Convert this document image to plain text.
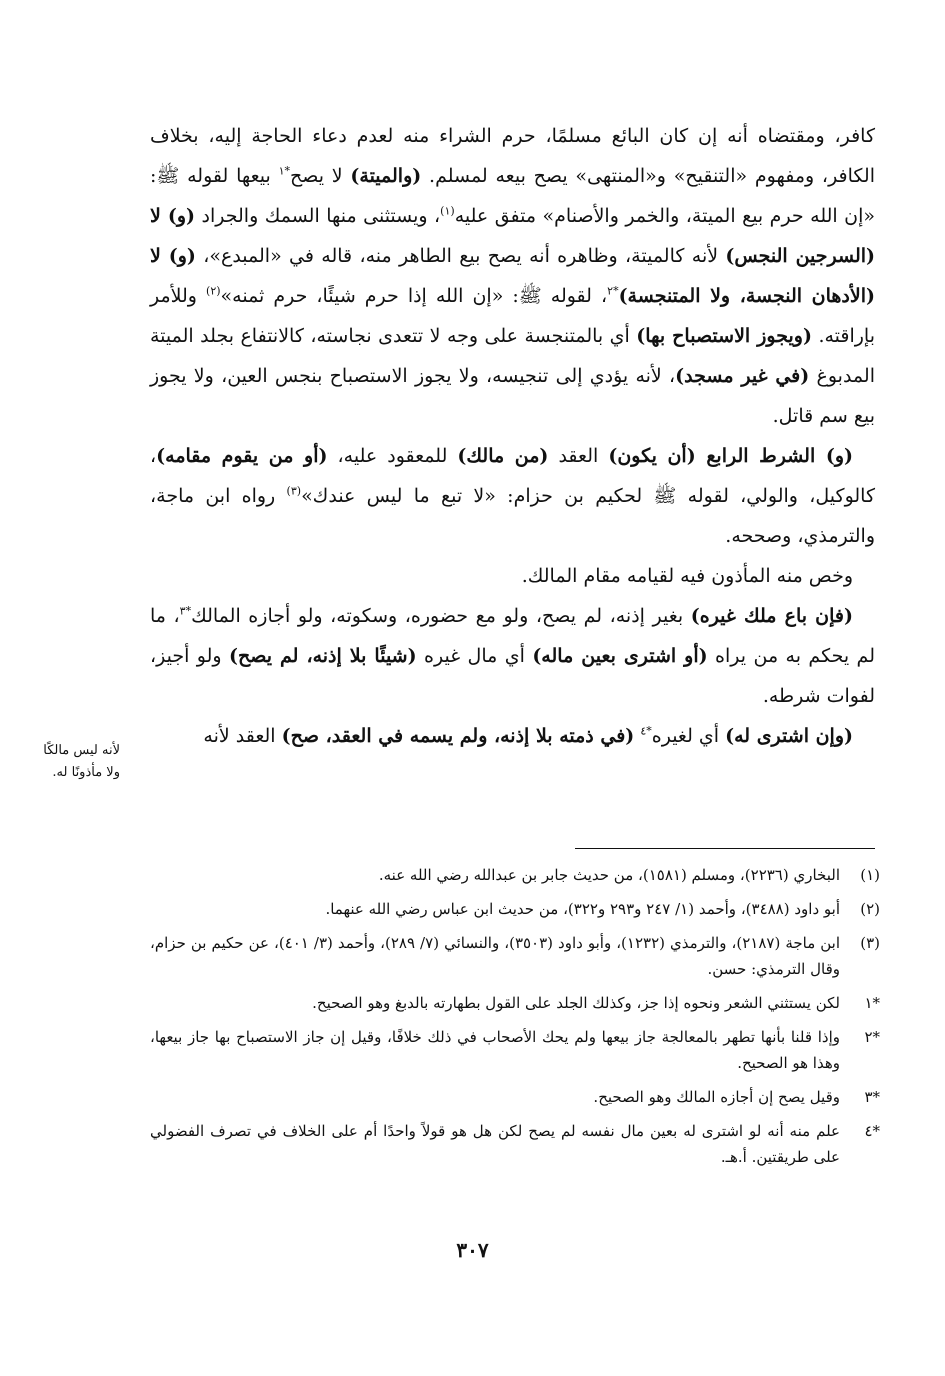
كافر، ومقتضاه أنه إن كان البائع مسلمًا، حرم الشراء منه لعدم دعاء الحاجة إليه، بخلاف الكافر، ومفهوم «التنقيح» و«المنتهى» يصح بيعه لمسلم. (والميتة) لا يصح$^{*١}$ بيعها لقوله ﷺ: «إن الله حرم بيع الميتة، والخمر والأصنام» متفق عليه$^{(١)}$، ويستثنى منها السمك والجراد (و) لا (السرجين النجس) لأنه كالميتة، وظاهره أنه يصح بيع الطاهر منه، قاله في «المبدع»، (و) لا (الأدهان النجسة، ولا المتنجسة)$^{*٢}$، لقوله ﷺ: «إن الله إذا حرم شيئًا، حرم ثمنه»$^{(٢)}$ وللأمر بإراقته. (ويجوز الاستصباح بها) أي بالمتنجسة على وجه لا تتعدى نجاسته، كالانتفاع بجلد الميتة المدبوغ (في غير مسجد)، لأنه يؤدي إلى تنجيسه، ولا يجوز الاستصباح بنجس العين، ولا يجوز بيع سم قاتل.

(و) الشرط الرابع (أن يكون) العقد (من مالك) للمعقود عليه، (أو من يقوم مقامه)، كالوكيل، والولي، لقوله ﷺ لحكيم بن حزام: «لا تبع ما ليس عندك»$^{(٣)}$ رواه ابن ماجة، والترمذي، وصححه.

وخص منه المأذون فيه لقيامه مقام المالك.

(فإن باع ملك غيره) بغير إذنه، لم يصح، ولو مع حضوره، وسكوته، ولو أجازه المالك$^{*٣}$، ما لم يحكم به من يراه (أو اشترى بعين ماله) أي مال غيره (شيئًا بلا إذنه، لم يصح) ولو أجيز، لفوات شرطه.

(وإن اشترى له) أي لغيره$^{*٤}$ (في ذمته بلا إذنه، ولم يسمه في العقد، صح) العقد لأنه

لأنه ليس مالكًا ولا مأذونًا له.
(١)
البخاري (٢٢٣٦)، ومسلم (١٥٨١)، من حديث جابر بن عبدالله رضي الله عنه.
(٢)
أبو داود (٣٤٨٨)، وأحمد (١/ ٢٤٧ و٢٩٣ و٣٢٢)، من حديث ابن عباس رضي الله عنهما.
(٣)
ابن ماجة (٢١٨٧)، والترمذي (١٢٣٢)، وأبو داود (٣٥٠٣)، والنسائي (٧/ ٢٨٩)، وأحمد (٣/ ٤٠١)، عن حكيم بن حزام، وقال الترمذي: حسن.
*١
لكن يستثني الشعر ونحوه إذا جز، وكذلك الجلد على القول بطهارته بالدبغ وهو الصحيح.
*٢
وإذا قلنا بأنها تطهر بالمعالجة جاز بيعها ولم يحك الأصحاب في ذلك خلافًا، وقيل إن جاز الاستصباح بها جاز بيعها، وهذا هو الصحيح.
*٣
وقيل يصح إن أجازه المالك وهو الصحيح.
*٤
علم منه أنه لو اشترى له بعين مال نفسه لم يصح لكن هل هو قولاً واحدًا أم على الخلاف في تصرف الفضولي على طريقتين. أ.هـ.
٣٠٧
